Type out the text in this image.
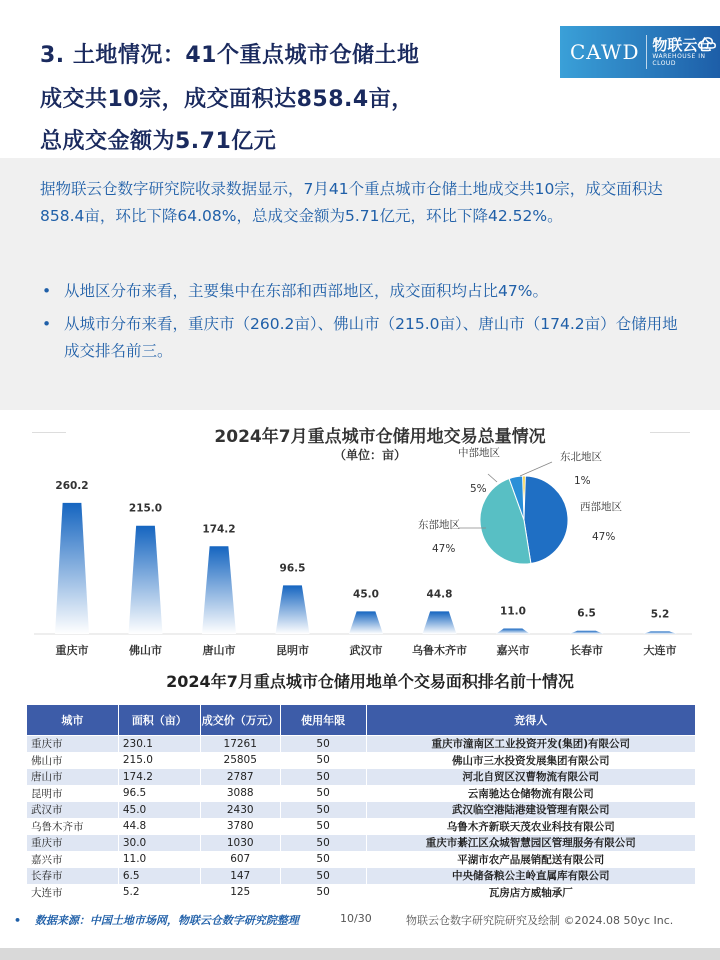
3. 土地情况：41个重点城市仓储土地
成交共10宗，成交面积达858.4亩，
总成交金额为5.71亿元
CAWD 物联云仓
WAREHOUSE IN CLOUD

据物联云仓数字研究院收录数据显示，7月41个重点城市仓储土地成交共10宗，成交面积达858.4亩，环比下降64.08%，总成交金额为5.71亿元，环比下降42.52%。

• 从地区分布来看，主要集中在东部和西部地区，成交面积均占比47%。
• 从城市分布来看，重庆市（260.2亩）、佛山市（215.0亩）、唐山市（174.2亩）仓储用地成交排名前三。
2024年7月重点城市仓储用地交易总量情况
（单位：亩）
260.2
重庆市
215.0
佛山市
174.2
唐山市
96.5
昆明市
45.0
武汉市
44.8
乌鲁木齐市
11.0
嘉兴市
6.5
长春市
5.2
大连市
西部地区
47%
东部地区
47%
中部地区
5%
东北地区
1%
2024年7月重点城市仓储用地单个交易面积排名前十情况
城市	面积（亩）	成交价（万元）	使用年限	竞得人
重庆市	230.1	17261	50	重庆市潼南区工业投资开发(集团)有限公司
佛山市	215.0	25805	50	佛山市三水投资发展集团有限公司
唐山市	174.2	2787	50	河北自贸区汉曹物流有限公司
昆明市	96.5	3088	50	云南驰达仓储物流有限公司
武汉市	45.0	2430	50	武汉临空港陆港建设管理有限公司
乌鲁木齐市	44.8	3780	50	乌鲁木齐新联天茂农业科技有限公司
重庆市	30.0	1030	50	重庆市綦江区众城智慧园区管理服务有限公司
嘉兴市	11.0	607	50	平湖市农产品展销配送有限公司
长春市	6.5	147	50	中央储备粮公主岭直属库有限公司
大连市	5.2	125	50	瓦房店方威轴承厂
• 数据来源：中国土地市场网，物联云仓数字研究院整理	10/30	物联云仓数字研究院研究及绘制 ©2024.08 50yc Inc.
